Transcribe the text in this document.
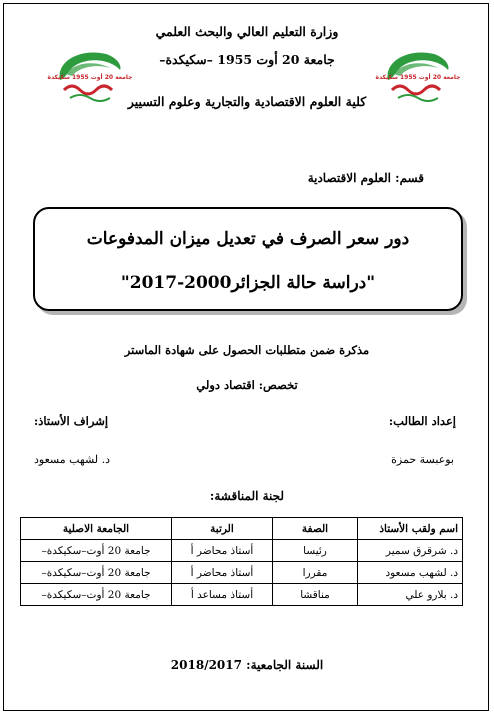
جامعة 20 أوت 1955 سكيكدة	جامعة 20 أوت 1955 سكيكدة
وزارة التعليم العالي والبحث العلمي
جامعة 20 أوت 1955 –سكيكدة–
كلية العلوم الاقتصادية والتجارية وعلوم التسيير
قسم: العلوم الاقتصادية
دور سعر الصرف في تعديل ميزان المدفوعات
"دراسة حالة الجزائر2000-2017"
مذكرة ضمن متطلبات الحصول على شهادة الماستر
تخصص: اقتصاد دولي
إعداد الطالب:
إشراف الأستاذ:
بوعبسة حمزة
د. لشهب مسعود
لجنة المناقشة:
اسم ولقب الأستاذ	الصفة	الرتبة	الجامعة الاصلية
د. شرقرق سمير	رئيسا	أستاذ محاضر أ	جامعة 20 أوت–سكيكدة–
د. لشهب مسعود	مقررا	أستاذ محاضر أ	جامعة 20 أوت–سكيكدة–
د. بلارو علي	مناقشا	أستاذ مساعد أ	جامعة 20 أوت–سكيكدة–
السنة الجامعية: 2018/2017
